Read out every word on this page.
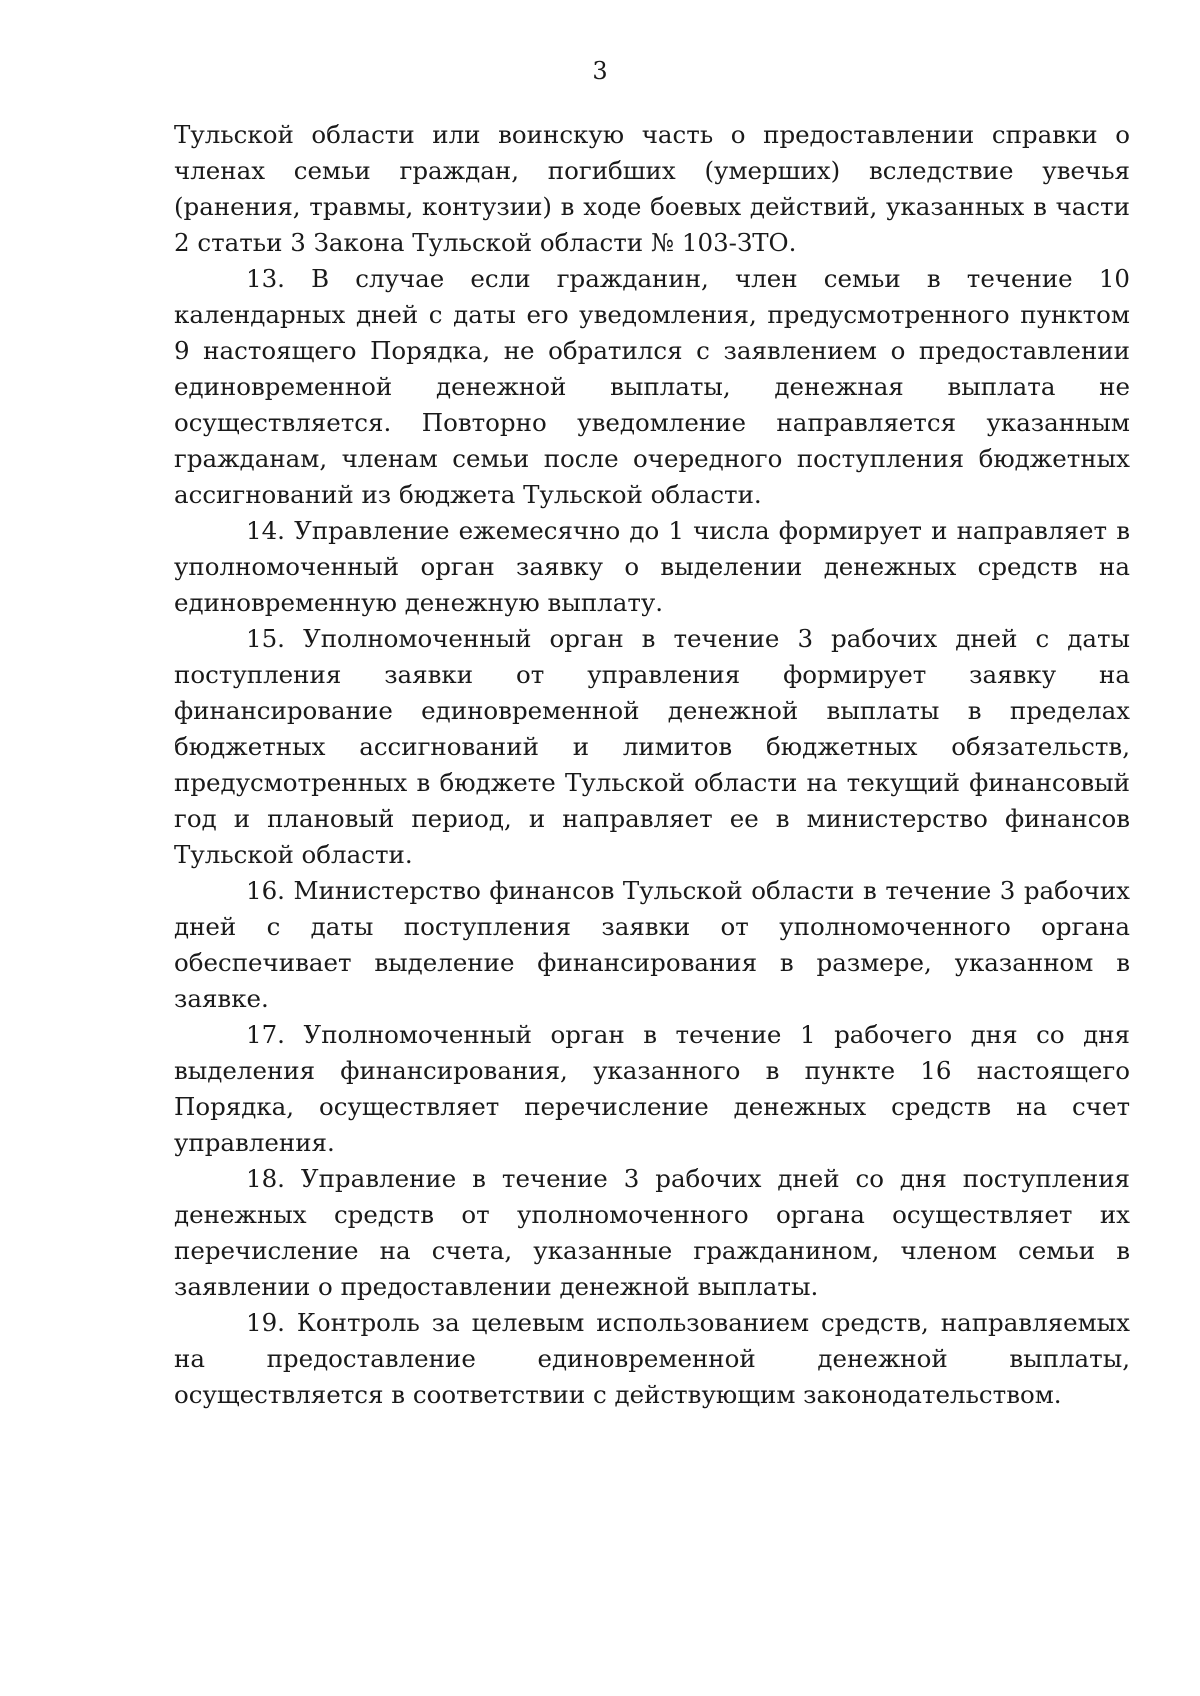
3

Тульской области или воинскую часть о предоставлении справки о членах семьи граждан, погибших (умерших) вследствие увечья (ранения, травмы, контузии) в ходе боевых действий, указанных в части 2 статьи 3 Закона Тульской области № 103-ЗТО.

13. В случае если гражданин, член семьи в течение 10 календарных дней с даты его уведомления, предусмотренного пунктом 9 настоящего Порядка, не обратился с заявлением о предоставлении единовременной денежной выплаты, денежная выплата не осуществляется. Повторно уведомление направляется указанным гражданам, членам семьи после очередного поступления бюджетных ассигнований из бюджета Тульской области.

14. Управление ежемесячно до 1 числа формирует и направляет в уполномоченный орган заявку о выделении денежных средств на единовременную денежную выплату.

15. Уполномоченный орган в течение 3 рабочих дней с даты поступления заявки от управления формирует заявку на финансирование единовременной денежной выплаты в пределах бюджетных ассигнований и лимитов бюджетных обязательств, предусмотренных в бюджете Тульской области на текущий финансовый год и плановый период, и направляет ее в министерство финансов Тульской области.

16. Министерство финансов Тульской области в течение 3 рабочих дней с даты поступления заявки от уполномоченного органа обеспечивает выделение финансирования в размере, указанном в заявке.

17. Уполномоченный орган в течение 1 рабочего дня со дня выделения финансирования, указанного в пункте 16 настоящего Порядка, осуществляет перечисление денежных средств на счет управления.

18. Управление в течение 3 рабочих дней со дня поступления денежных средств от уполномоченного органа осуществляет их перечисление на счета, указанные гражданином, членом семьи в заявлении о предоставлении денежной выплаты.

19. Контроль за целевым использованием средств, направляемых на предоставление единовременной денежной выплаты, осуществляется в соответствии с действующим законодательством.
